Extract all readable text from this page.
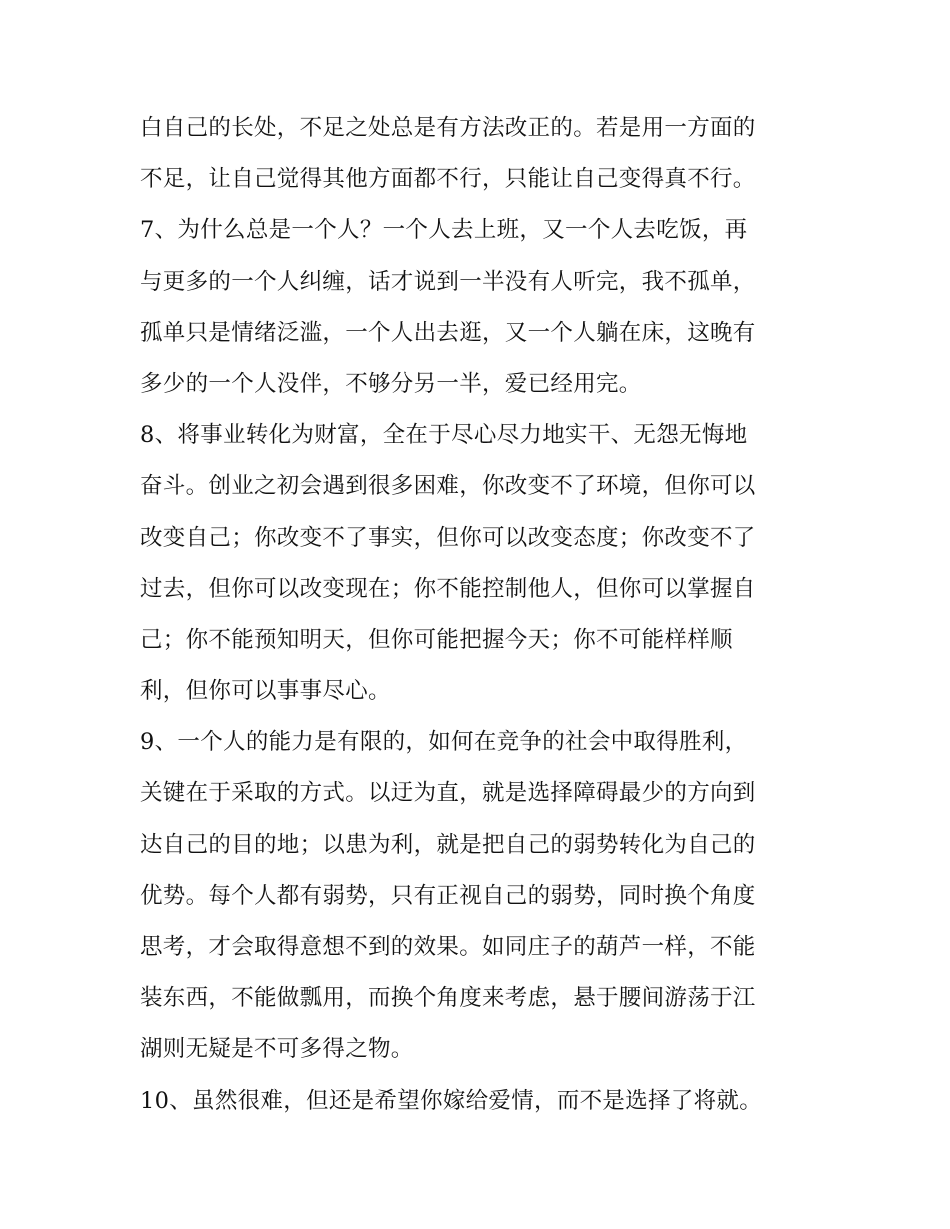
白自己的长处，不足之处总是有方法改正的。若是用一方面的
不足，让自己觉得其他方面都不行，只能让自己变得真不行。
7、为什么总是一个人？一个人去上班，又一个人去吃饭，再
与更多的一个人纠缠，话才说到一半没有人听完，我不孤单，
孤单只是情绪泛滥，一个人出去逛，又一个人躺在床，这晚有
多少的一个人没伴，不够分另一半，爱已经用完。
8、将事业转化为财富，全在于尽心尽力地实干、无怨无悔地
奋斗。创业之初会遇到很多困难，你改变不了环境，但你可以
改变自己；你改变不了事实，但你可以改变态度；你改变不了
过去，但你可以改变现在；你不能控制他人，但你可以掌握自
己；你不能预知明天，但你可能把握今天；你不可能样样顺
利，但你可以事事尽心。
9、一个人的能力是有限的，如何在竞争的社会中取得胜利，
关键在于采取的方式。以迂为直，就是选择障碍最少的方向到
达自己的目的地；以患为利，就是把自己的弱势转化为自己的
优势。每个人都有弱势，只有正视自己的弱势，同时换个角度
思考，才会取得意想不到的效果。如同庄子的葫芦一样，不能
装东西，不能做瓢用，而换个角度来考虑，悬于腰间游荡于江
湖则无疑是不可多得之物。
10、虽然很难，但还是希望你嫁给爱情，而不是选择了将就。
